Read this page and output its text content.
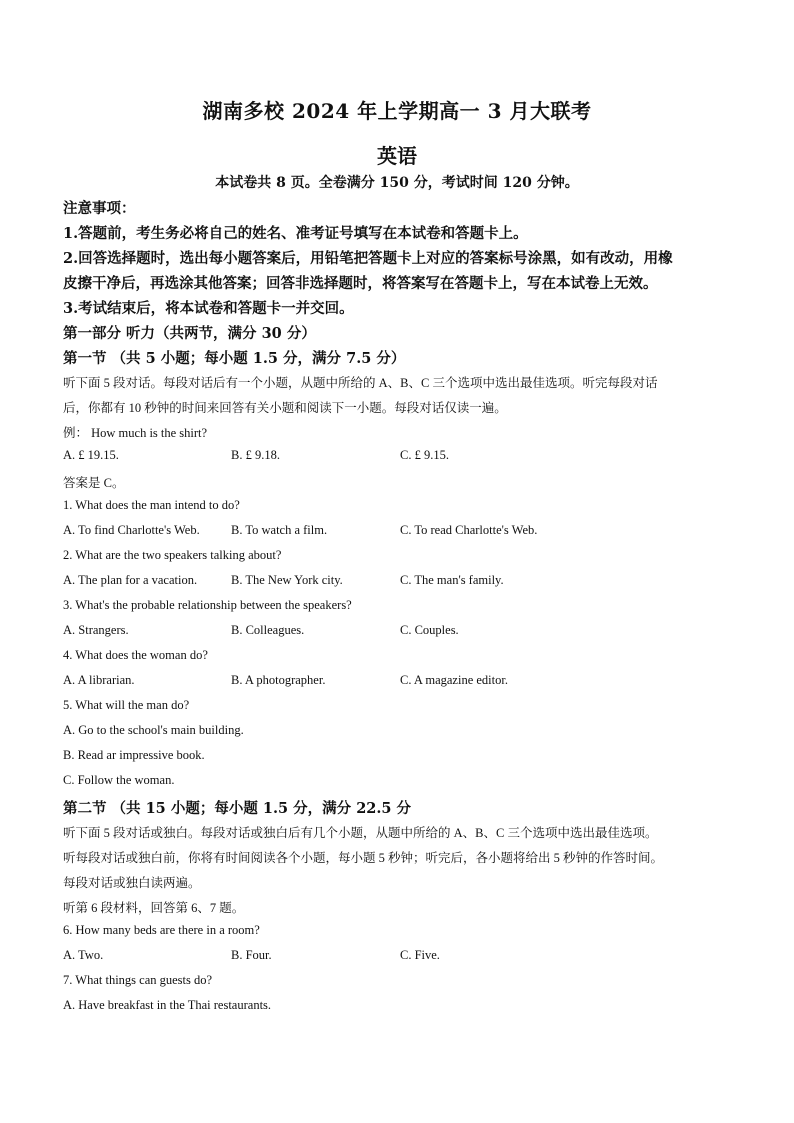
湖南多校 2024 年上学期高一 3 月大联考
英语
本试卷共 8 页。全卷满分 150 分，考试时间 120 分钟。
注意事项：
1.答题前，考生务必将自己的姓名、准考证号填写在本试卷和答题卡上。
2.回答选择题时，选出每小题答案后，用铅笔把答题卡上对应的答案标号涂黑，如有改动，用橡
皮擦干净后，再选涂其他答案；回答非选择题时，将答案写在答题卡上，写在本试卷上无效。
3.考试结束后，将本试卷和答题卡一并交回。
第一部分 听力（共两节，满分 30 分）
第一节 （共 5 小题；每小题 1.5 分，满分 7.5 分）
听下面 5 段对话。每段对话后有一个小题，从题中所给的 A、B、C 三个选项中选出最佳选项。听完每段对话
后，你都有 10 秒钟的时间来回答有关小题和阅读下一小题。每段对话仅读一遍。
例： How much is the shirt?
A. £ 19.15.	B. £ 9.18.	C. £ 9.15.
答案是 C。
1. What does the man intend to do?
A. To find Charlotte's Web.	B. To watch a film.	C. To read Charlotte's Web.
2. What are the two speakers talking about?
A. The plan for a vacation.	B. The New York city.	C. The man's family.
3. What's the probable relationship between the speakers?
A. Strangers.	B. Colleagues.	C. Couples.
4. What does the woman do?
A. A librarian.	B. A photographer.	C. A magazine editor.
5. What will the man do?
A. Go to the school's main building.
B. Read ar impressive book.
C. Follow the woman.
第二节 （共 15 小题；每小题 1.5 分，满分 22.5 分
听下面 5 段对话或独白。每段对话或独白后有几个小题，从题中所给的 A、B、C 三个选项中选出最佳选项。
听每段对话或独白前，你将有时间阅读各个小题，每小题 5 秒钟；听完后，各小题将给出 5 秒钟的作答时间。
每段对话或独白读两遍。
听第 6 段材料，回答第 6、7 题。
6. How many beds are there in a room?
A. Two.	B. Four.	C. Five.
7. What things can guests do?
A. Have breakfast in the Thai restaurants.
